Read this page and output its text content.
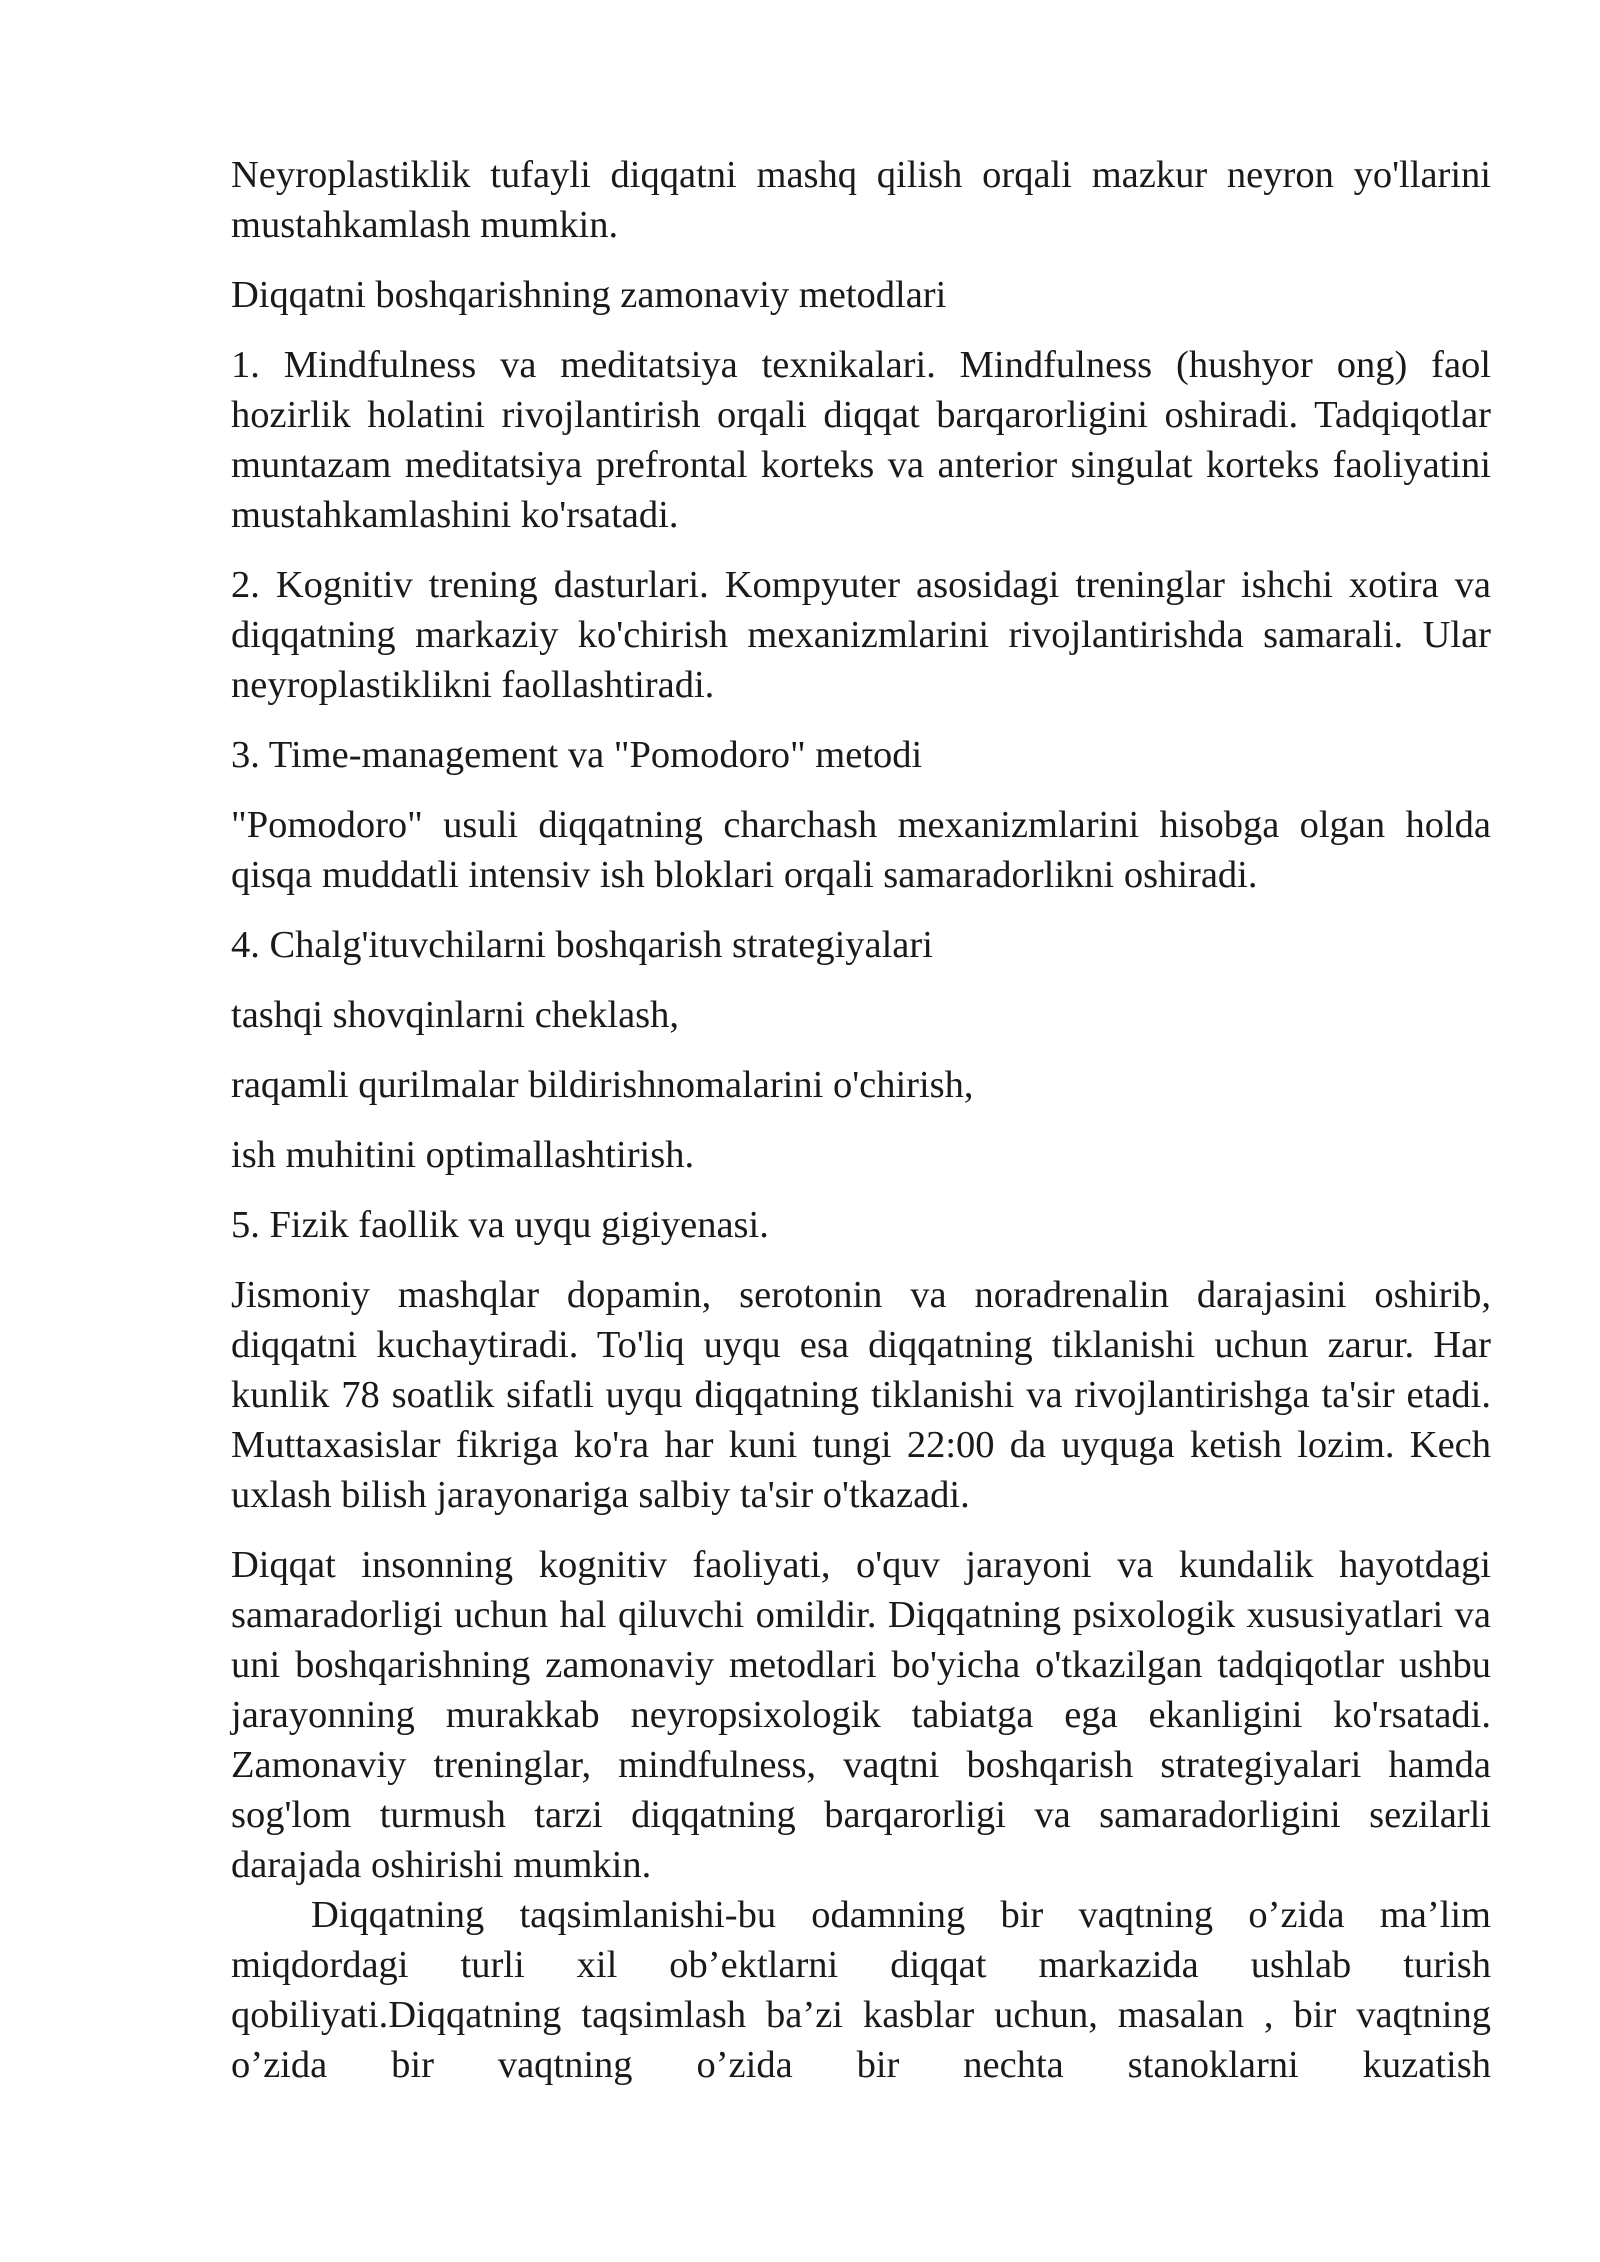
Neyroplastiklik tufayli diqqatni mashq qilish orqali mazkur neyron yo'llarini mustahkamlash mumkin.

Diqqatni boshqarishning zamonaviy metodlari

1. Mindfulness va meditatsiya texnikalari. Mindfulness (hushyor ong) faol hozirlik holatini rivojlantirish orqali diqqat barqarorligini oshiradi. Tadqiqotlar muntazam meditatsiya prefrontal korteks va anterior singulat korteks faoliyatini mustahkamlashini ko'rsatadi.

2. Kognitiv trening dasturlari. Kompyuter asosidagi treninglar ishchi xotira va diqqatning markaziy ko'chirish mexanizmlarini rivojlantirishda samarali. Ular neyroplastiklikni faollashtiradi.

3. Time-management va "Pomodoro" metodi

"Pomodoro" usuli diqqatning charchash mexanizmlarini hisobga olgan holda qisqa muddatli intensiv ish bloklari orqali samaradorlikni oshiradi.

4. Chalg'ituvchilarni boshqarish strategiyalari

tashqi shovqinlarni cheklash,

raqamli qurilmalar bildirishnomalarini o'chirish,

ish muhitini optimallashtirish.

5. Fizik faollik va uyqu gigiyenasi.

Jismoniy mashqlar dopamin, serotonin va noradrenalin darajasini oshirib, diqqatni kuchaytiradi. To'liq uyqu esa diqqatning tiklanishi uchun zarur. Har kunlik 78 soatlik sifatli uyqu diqqatning tiklanishi va rivojlantirishga ta'sir etadi. Muttaxasislar fikriga ko'ra har kuni tungi 22:00 da uyquga ketish lozim. Kech uxlash bilish jarayonariga salbiy ta'sir o'tkazadi.

Diqqat insonning kognitiv faoliyati, o'quv jarayoni va kundalik hayotdagi samaradorligi uchun hal qiluvchi omildir. Diqqatning psixologik xususiyatlari va uni boshqarishning zamonaviy metodlari bo'yicha o'tkazilgan tadqiqotlar ushbu jarayonning murakkab neyropsixologik tabiatga ega ekanligini ko'rsatadi. Zamonaviy treninglar, mindfulness, vaqtni boshqarish strategiyalari hamda sog'lom turmush tarzi diqqatning barqarorligi va samaradorligini sezilarli darajada oshirishi mumkin.

Diqqatning taqsimlanishi-bu odamning bir vaqtning o’zida ma’lim miqdordagi turli xil ob’ektlarni diqqat markazida ushlab turish qobiliyati.Diqqatning taqsimlash ba’zi kasblar uchun, masalan , bir vaqtning o’zida bir vaqtning o’zida bir nechta stanoklarni kuzatish
